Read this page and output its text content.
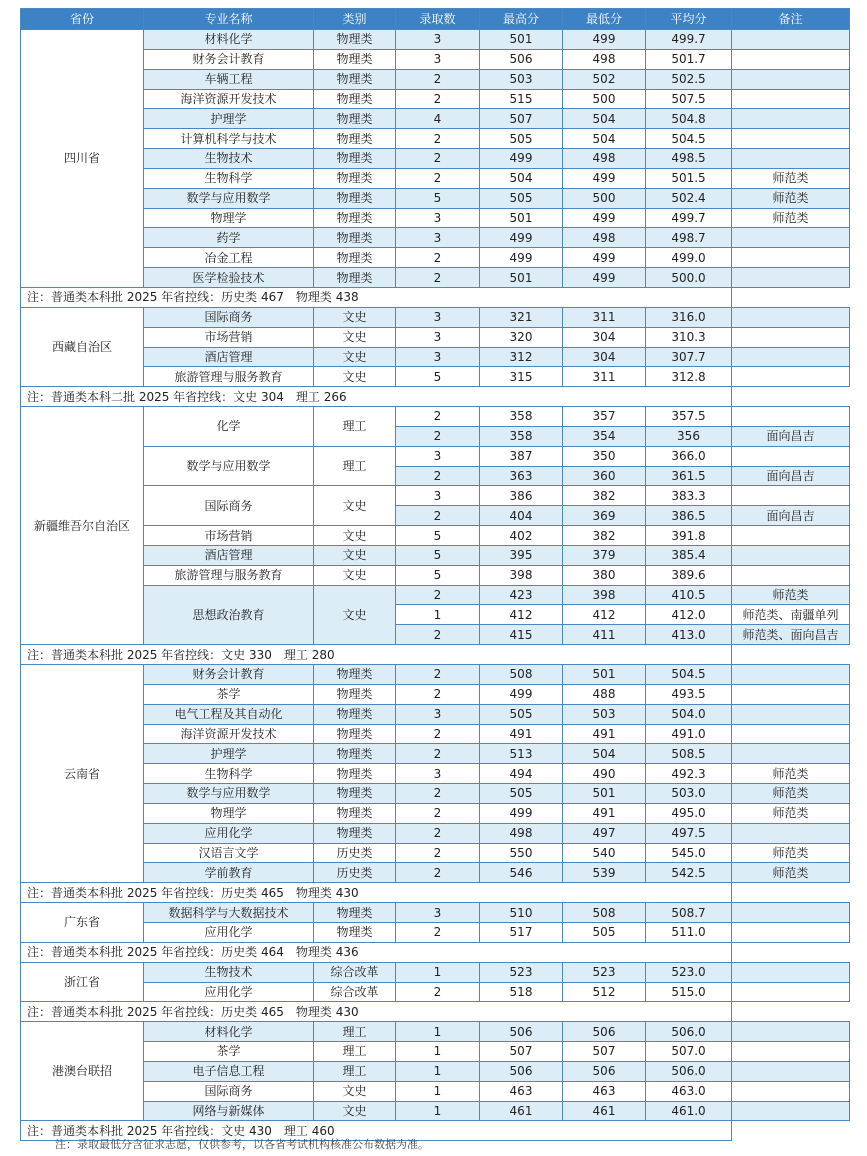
省份	专业名称	类别	录取数	最高分	最低分	平均分	备注
四川省	材料化学	物理类	3	501	499	499.7	
	财务会计教育	物理类	3	506	498	501.7	
	车辆工程	物理类	2	503	502	502.5	
	海洋资源开发技术	物理类	2	515	500	507.5	
	护理学	物理类	4	507	504	504.8	
	计算机科学与技术	物理类	2	505	504	504.5	
	生物技术	物理类	2	499	498	498.5	
	生物科学	物理类	2	504	499	501.5	师范类
	数学与应用数学	物理类	5	505	500	502.4	师范类
	物理学	物理类	3	501	499	499.7	师范类
	药学	物理类	3	499	498	498.7	
	冶金工程	物理类	2	499	499	499.0	
	医学检验技术	物理类	2	501	499	500.0	
注：普通类本科批 2025 年省控线：历史类 467　物理类 438							
西藏自治区	国际商务	文史	3	321	311	316.0	
	市场营销	文史	3	320	304	310.3	
	酒店管理	文史	3	312	304	307.7	
	旅游管理与服务教育	文史	5	315	311	312.8	
注：普通类本科二批 2025 年省控线：文史 304　理工 266							
新疆维吾尔自治区	化学	理工	2	358	357	357.5	
			2	358	354	356	面向昌吉
	数学与应用数学	理工	3	387	350	366.0	
			2	363	360	361.5	面向昌吉
	国际商务	文史	3	386	382	383.3	
			2	404	369	386.5	面向昌吉
	市场营销	文史	5	402	382	391.8	
	酒店管理	文史	5	395	379	385.4	
	旅游管理与服务教育	文史	5	398	380	389.6	
	思想政治教育	文史	2	423	398	410.5	师范类
			1	412	412	412.0	师范类、南疆单列
			2	415	411	413.0	师范类、面向昌吉
注：普通类本科批 2025 年省控线：文史 330　理工 280							
云南省	财务会计教育	物理类	2	508	501	504.5	
	茶学	物理类	2	499	488	493.5	
	电气工程及其自动化	物理类	3	505	503	504.0	
	海洋资源开发技术	物理类	2	491	491	491.0	
	护理学	物理类	2	513	504	508.5	
	生物科学	物理类	3	494	490	492.3	师范类
	数学与应用数学	物理类	2	505	501	503.0	师范类
	物理学	物理类	2	499	491	495.0	师范类
	应用化学	物理类	2	498	497	497.5	
	汉语言文学	历史类	2	550	540	545.0	师范类
	学前教育	历史类	2	546	539	542.5	师范类
注：普通类本科批 2025 年省控线：历史类 465　物理类 430							
广东省	数据科学与大数据技术	物理类	3	510	508	508.7	
	应用化学	物理类	2	517	505	511.0	
注：普通类本科批 2025 年省控线：历史类 464　物理类 436							
浙江省	生物技术	综合改革	1	523	523	523.0	
	应用化学	综合改革	2	518	512	515.0	
注：普通类本科批 2025 年省控线：历史类 465　物理类 430							
港澳台联招	材料化学	理工	1	506	506	506.0	
	茶学	理工	1	507	507	507.0	
	电子信息工程	理工	1	506	506	506.0	
	国际商务	文史	1	463	463	463.0	
	网络与新媒体	文史	1	461	461	461.0	
注：普通类本科批 2025 年省控线：文史 430　理工 460							
注：录取最低分含征求志愿，仅供参考，以各省考试机构核准公布数据为准。
